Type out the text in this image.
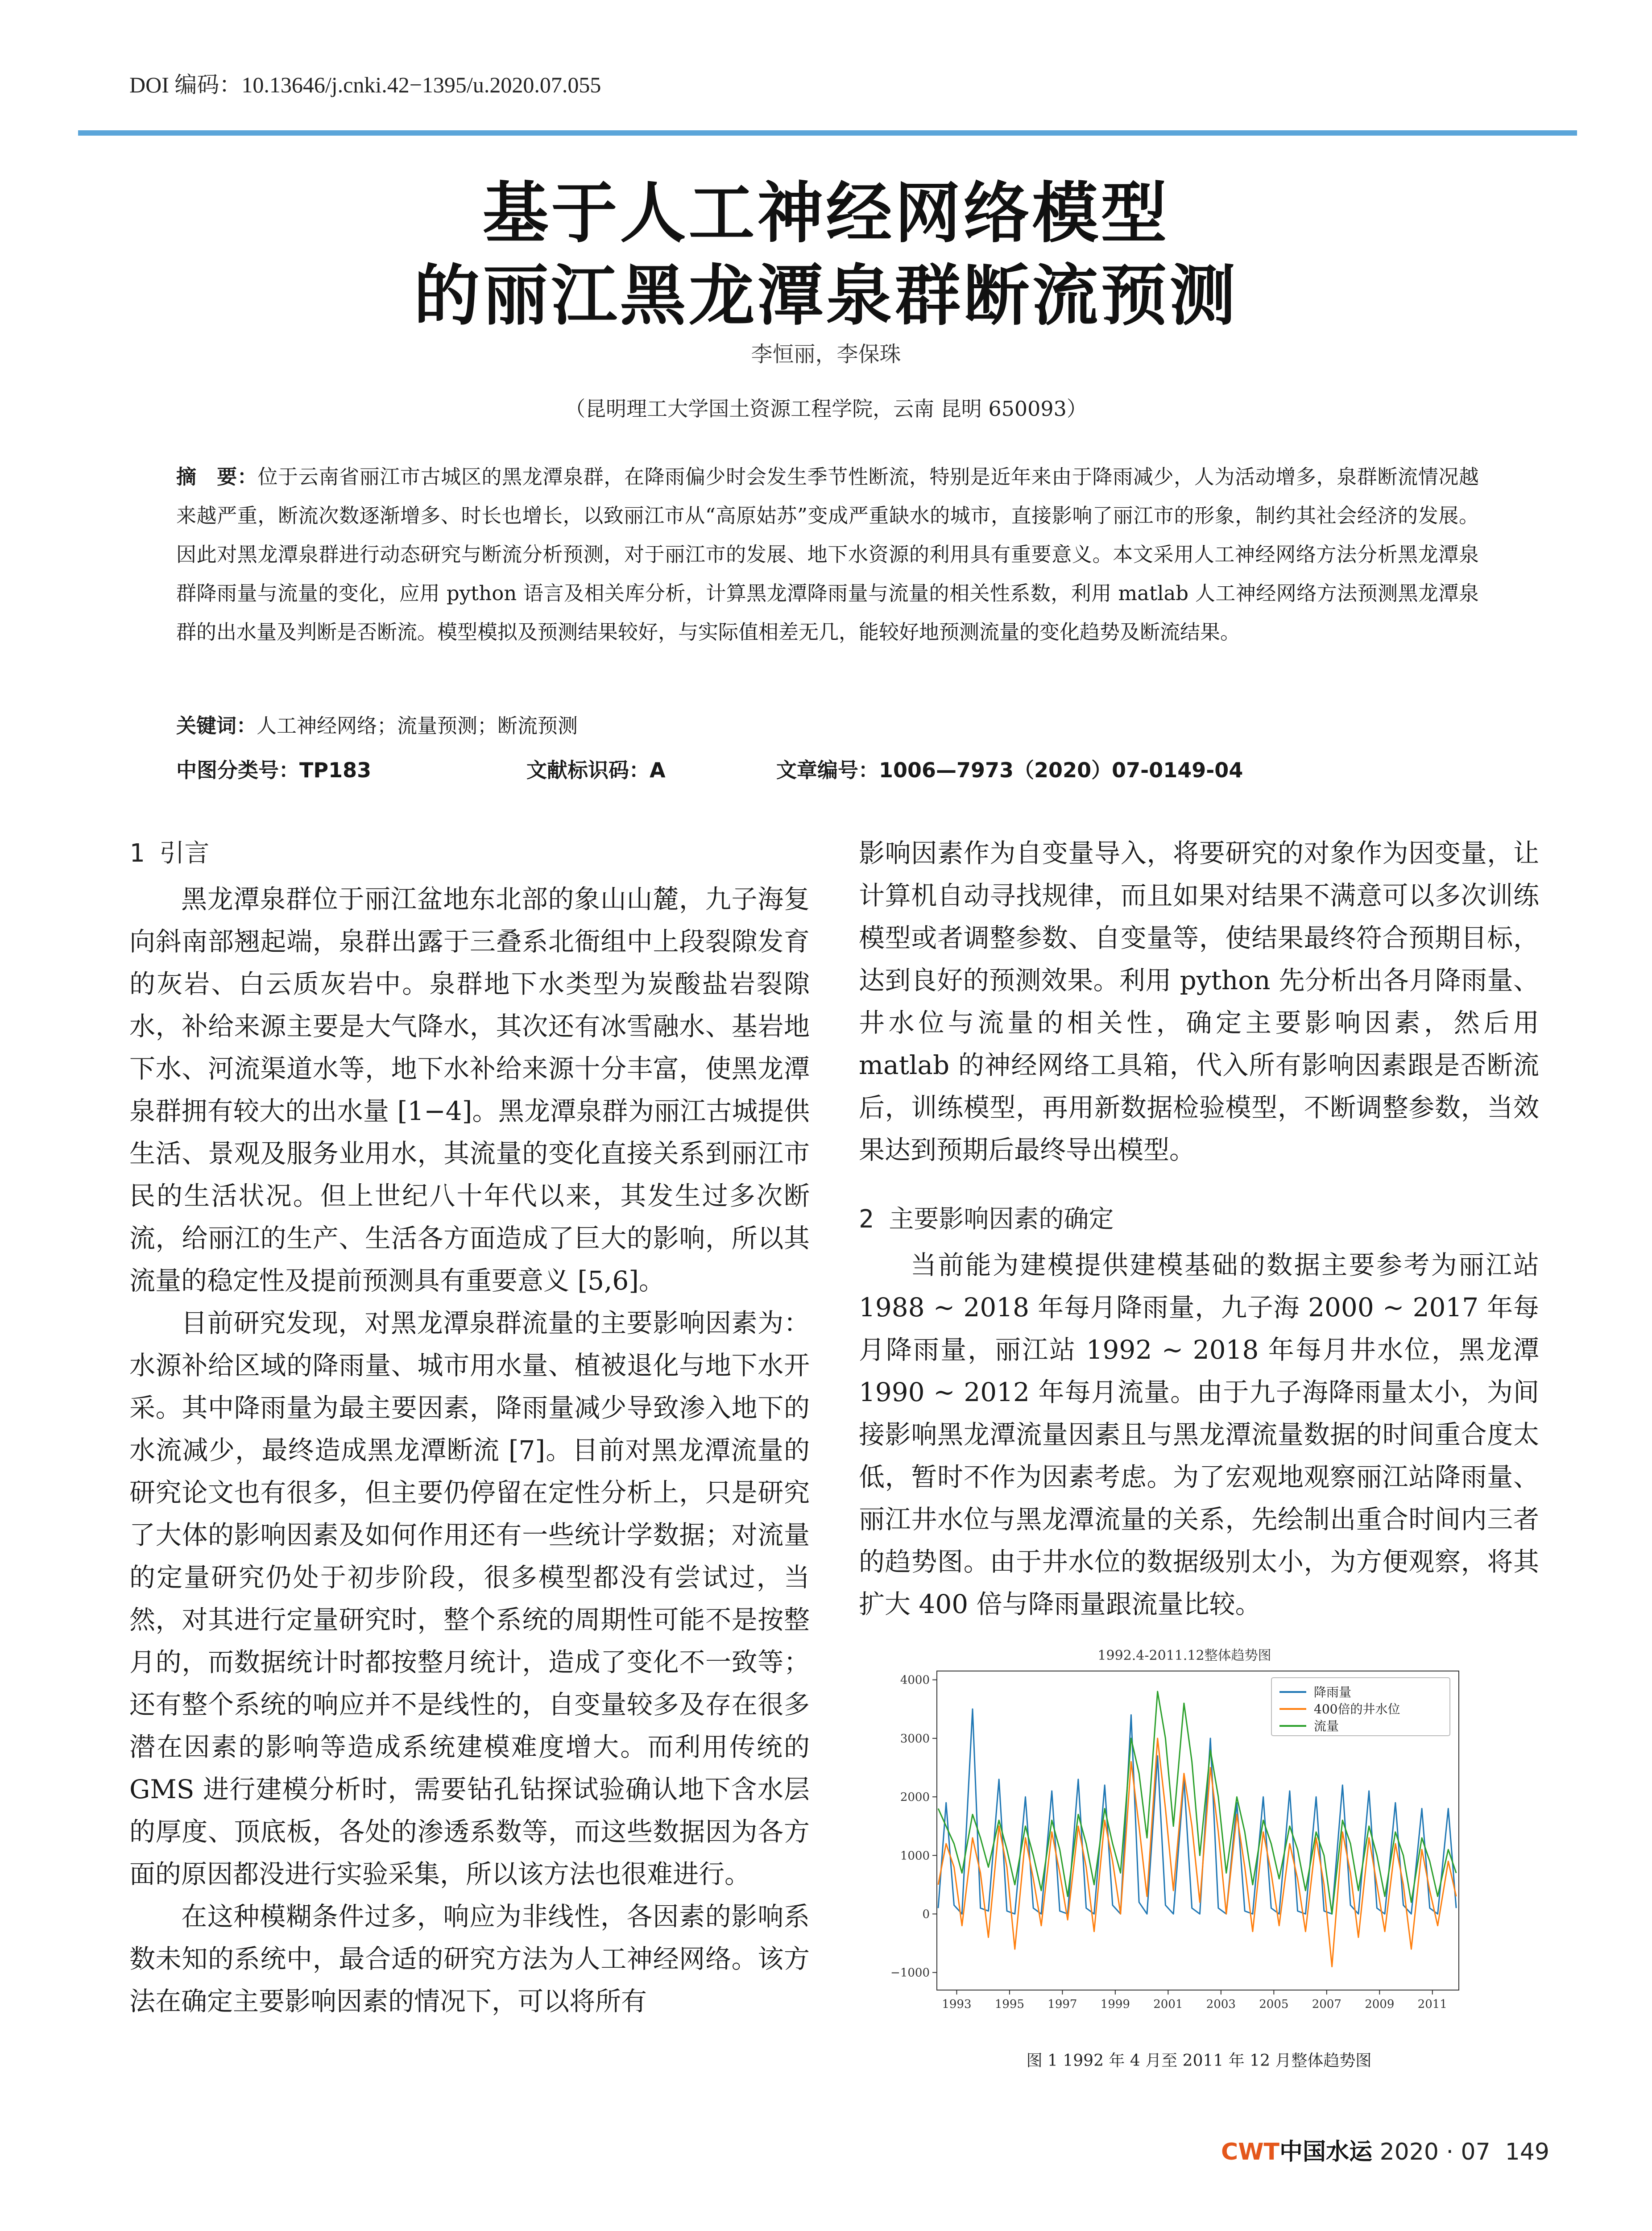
DOI 编码：10.13646/j.cnki.42−1395/u.2020.07.055
基于人工神经网络模型
的丽江黑龙潭泉群断流预测
李恒丽，李保珠
（昆明理工大学国土资源工程学院，云南 昆明 650093）
摘　要：位于云南省丽江市古城区的黑龙潭泉群，在降雨偏少时会发生季节性断流，特别是近年来由于降雨减少，人为活动增多，泉群断流情况越来越严重，断流次数逐渐增多、时长也增长，以致丽江市从“高原姑苏”变成严重缺水的城市，直接影响了丽江市的形象，制约其社会经济的发展。因此对黑龙潭泉群进行动态研究与断流分析预测，对于丽江市的发展、地下水资源的利用具有重要意义。本文采用人工神经网络方法分析黑龙潭泉群降雨量与流量的变化，应用 python 语言及相关库分析，计算黑龙潭降雨量与流量的相关性系数，利用 matlab 人工神经网络方法预测黑龙潭泉群的出水量及判断是否断流。模型模拟及预测结果较好，与实际值相差无几，能较好地预测流量的变化趋势及断流结果。
关键词：人工神经网络；流量预测；断流预测
中图分类号：TP183	文献标识码：A	文章编号：1006—7973（2020）07-0149-04
1 引言

黑龙潭泉群位于丽江盆地东北部的象山山麓，九子海复向斜南部翘起端，泉群出露于三叠系北衙组中上段裂隙发育的灰岩、白云质灰岩中。泉群地下水类型为炭酸盐岩裂隙水，补给来源主要是大气降水，其次还有冰雪融水、基岩地下水、河流渠道水等，地下水补给来源十分丰富，使黑龙潭泉群拥有较大的出水量 [1−4]。黑龙潭泉群为丽江古城提供生活、景观及服务业用水，其流量的变化直接关系到丽江市民的生活状况。但上世纪八十年代以来，其发生过多次断流，给丽江的生产、生活各方面造成了巨大的影响，所以其流量的稳定性及提前预测具有重要意义 [5,6]。

目前研究发现，对黑龙潭泉群流量的主要影响因素为：水源补给区域的降雨量、城市用水量、植被退化与地下水开采。其中降雨量为最主要因素，降雨量减少导致渗入地下的水流减少，最终造成黑龙潭断流 [7]。目前对黑龙潭流量的研究论文也有很多，但主要仍停留在定性分析上，只是研究了大体的影响因素及如何作用还有一些统计学数据；对流量的定量研究仍处于初步阶段，很多模型都没有尝试过，当然，对其进行定量研究时，整个系统的周期性可能不是按整月的，而数据统计时都按整月统计，造成了变化不一致等；还有整个系统的响应并不是线性的，自变量较多及存在很多潜在因素的影响等造成系统建模难度增大。而利用传统的 GMS 进行建模分析时，需要钻孔钻探试验确认地下含水层的厚度、顶底板，各处的渗透系数等，而这些数据因为各方面的原因都没进行实验采集，所以该方法也很难进行。

在这种模糊条件过多，响应为非线性，各因素的影响系数未知的系统中，最合适的研究方法为人工神经网络。该方法在确定主要影响因素的情况下，可以将所有

影响因素作为自变量导入，将要研究的对象作为因变量，让计算机自动寻找规律，而且如果对结果不满意可以多次训练模型或者调整参数、自变量等，使结果最终符合预期目标，达到良好的预测效果。利用 python 先分析出各月降雨量、井水位与流量的相关性，确定主要影响因素，然后用 matlab 的神经网络工具箱，代入所有影响因素跟是否断流后，训练模型，再用新数据检验模型，不断调整参数，当效果达到预期后最终导出模型。

2 主要影响因素的确定

当前能为建模提供建模基础的数据主要参考为丽江站 1988 ~ 2018 年每月降雨量，九子海 2000 ~ 2017 年每月降雨量，丽江站 1992 ~ 2018 年每月井水位，黑龙潭 1990 ~ 2012 年每月流量。由于九子海降雨量太小，为间接影响黑龙潭流量因素且与黑龙潭流量数据的时间重合度太低，暂时不作为因素考虑。为了宏观地观察丽江站降雨量、丽江井水位与黑龙潭流量的关系，先绘制出重合时间内三者的趋势图。由于井水位的数据级别太小，为方便观察，将其扩大 400 倍与降雨量跟流量比较。

1992.4-2011.12整体趋势图
4000
3000
2000
1000
0
−1000
1993 1995 1997 1999 2001 2003 2005 2007 2009 2011
降雨量
400倍的井水位
流量
图 1 1992 年 4 月至 2011 年 12 月整体趋势图
CWT中国水运 2020 · 07 149
